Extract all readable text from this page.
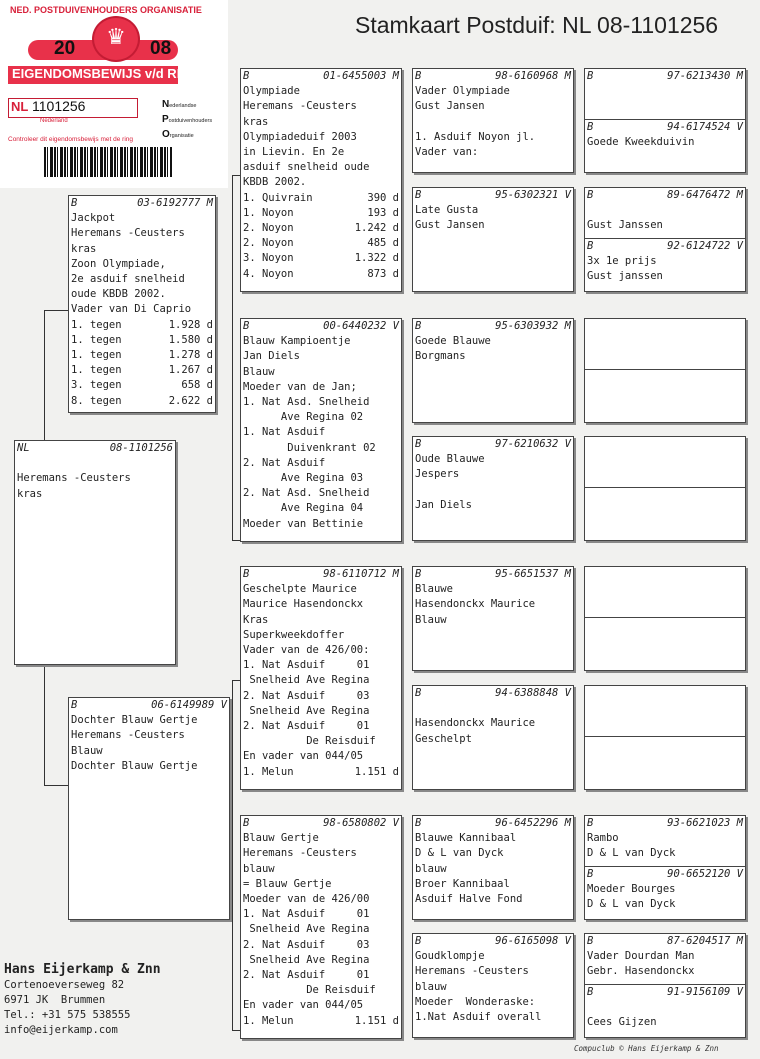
Stamkaart Postduif: NL 08-1101256
NED. POSTDUIVENHOUDERS ORGANISATIE
20	♛	08
EIGENDOMSBEWIJS v/d RING
NL 1101256
Nederland
Nederlandse
Postduivenhouders
Organisatie
Controleer dit eigendomsbewijs met de ring
B	03-6192777 M
Jackpot
Heremans -Ceusters
kras
Zoon Olympiade,
2e asduif snelheid
oude KBDB 2002.
Vader van Di Caprio
1. tegen	1.928 d
1. tegen	1.580 d
1. tegen	1.278 d
1. tegen	1.267 d
3. tegen	658 d
8. tegen	2.622 d
NL	08-1101256

Heremans -Ceusters
kras
B	06-6149989 V
Dochter Blauw Gertje
Heremans -Ceusters
Blauw
Dochter Blauw Gertje
B	01-6455003 M
Olympiade
Heremans -Ceusters
kras
Olympiadeduif 2003
in Lievin. En 2e
asduif snelheid oude
KBDB 2002.
1. Quivrain	390 d
1. Noyon	193 d
2. Noyon	1.242 d
2. Noyon	485 d
3. Noyon	1.322 d
4. Noyon	873 d
B	00-6440232 V
Blauw Kampioentje
Jan Diels
Blauw
Moeder van de Jan;
1. Nat Asd. Snelheid
Ave Regina 02
1. Nat Asduif
Duivenkrant 02
2. Nat Asduif
Ave Regina 03
2. Nat Asd. Snelheid
Ave Regina 04
Moeder van Bettinie
B	98-6110712 M
Geschelpte Maurice
Maurice Hasendonckx
Kras
Superkweekdoffer
Vader van de 426/00:
1. Nat Asduif     01
Snelheid Ave Regina
2. Nat Asduif     03
Snelheid Ave Regina
2. Nat Asduif     01
De Reisduif
En vader van 044/05
1. Melun	1.151 d
B	98-6580802 V
Blauw Gertje
Heremans -Ceusters
blauw
= Blauw Gertje
Moeder van de 426/00
1. Nat Asduif     01
Snelheid Ave Regina
2. Nat Asduif     03
Snelheid Ave Regina
2. Nat Asduif     01
De Reisduif
En vader van 044/05
1. Melun	1.151 d
B	98-6160968 M
Vader Olympiade
Gust Jansen

1. Asduif Noyon jl.
Vader van:
B	95-6302321 V
Late Gusta
Gust Jansen
B	95-6303932 M
Goede Blauwe
Borgmans
B	97-6210632 V
Oude Blauwe
Jespers

Jan Diels
B	95-6651537 M
Blauwe
Hasendonckx Maurice
Blauw
B	94-6388848 V

Hasendonckx Maurice
Geschelpt
B	96-6452296 M
Blauwe Kannibaal
D & L van Dyck
blauw
Broer Kannibaal
Asduif Halve Fond
B	96-6165098 V
Goudklompje
Heremans -Ceusters
blauw
Moeder  Wonderaske:
1.Nat Asduif overall
B	97-6213430 M
B	94-6174524 V
Goede Kweekduivin
B	89-6476472 M

Gust Janssen
B	92-6124722 V
3x 1e prijs
Gust janssen

B	93-6621023 M
Rambo
D & L van Dyck
B	90-6652120 V
Moeder Bourges
D & L van Dyck
B	87-6204517 M
Vader Dourdan Man
Gebr. Hasendonckx
B	91-9156109 V

Cees Gijzen
Hans Eijerkamp & Znn
Cortenoeverseweg 82
6971 JK  Brummen
Tel.: +31 575 538555
info@eijerkamp.com
Compuclub © Hans Eijerkamp & Znn
